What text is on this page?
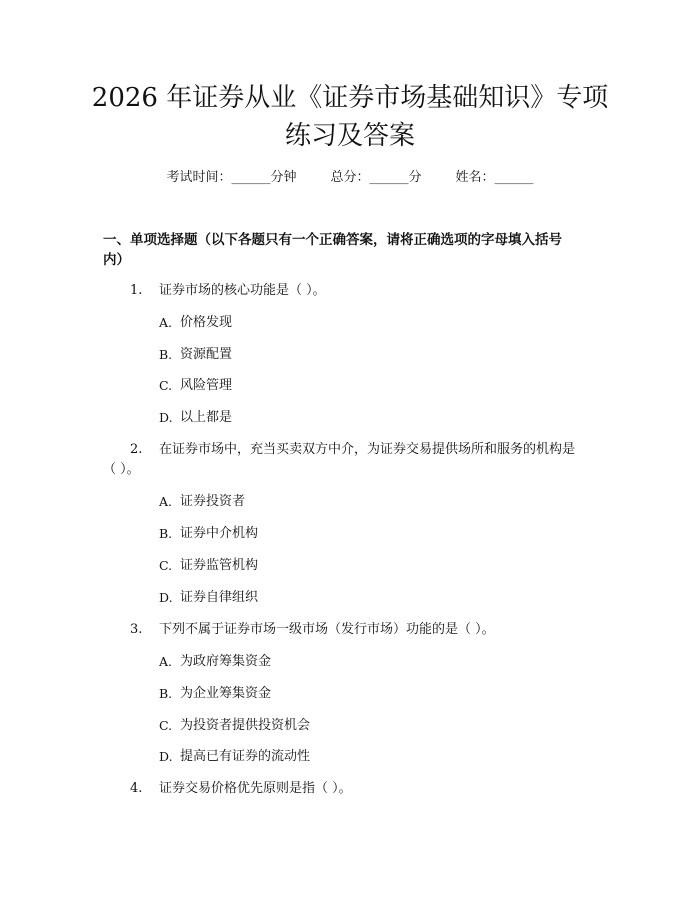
2026 年证券从业《证券市场基础知识》专项
练习及答案
考试时间：______分钟	总分：______分	姓名：______
一、单项选择题（以下各题只有一个正确答案，请将正确选项的字母填入括号
内）
1. 证券市场的核心功能是（ ）。
A. 价格发现
B. 资源配置
C. 风险管理
D. 以上都是
2. 在证券市场中，充当买卖双方中介，为证券交易提供场所和服务的机构是
（ ）。
A. 证券投资者
B. 证券中介机构
C. 证券监管机构
D. 证券自律组织
3. 下列不属于证券市场一级市场（发行市场）功能的是（ ）。
A. 为政府筹集资金
B. 为企业筹集资金
C. 为投资者提供投资机会
D. 提高已有证券的流动性
4. 证券交易价格优先原则是指（ ）。
